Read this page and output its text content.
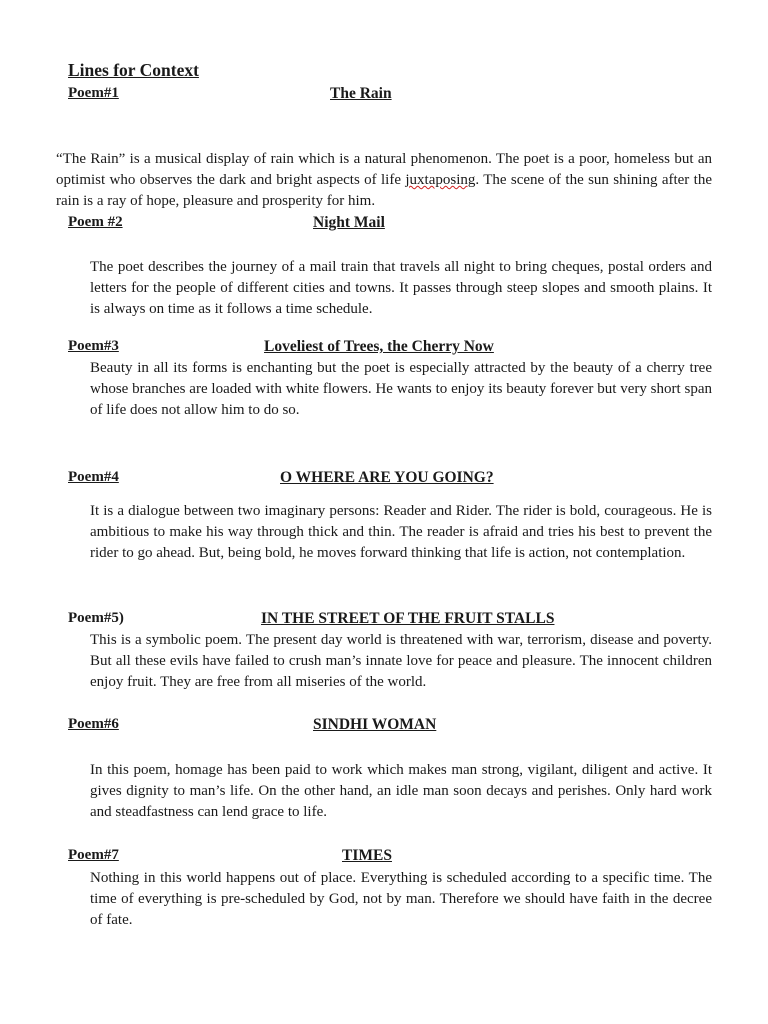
Lines for Context
Poem#1	The Rain

“The Rain” is a musical display of rain which is a natural phenomenon. The poet is a poor, homeless but an optimist who observes the dark and bright aspects of life juxtaposing. The scene of the sun shining after the rain is a ray of hope, pleasure and prosperity for him.

Poem #2	Night Mail

The poet describes the journey of a mail train that travels all night to bring cheques, postal orders and letters for the people of different cities and towns. It passes through steep slopes and smooth plains. It is always on time as it follows a time schedule.

Poem#3	Loveliest of Trees, the Cherry Now

Beauty in all its forms is enchanting but the poet is especially attracted by the beauty of a cherry tree whose branches are loaded with white flowers. He wants to enjoy its beauty forever but very short span of life does not allow him to do so.

Poem#4	O WHERE ARE YOU GOING?

It is a dialogue between two imaginary persons: Reader and Rider. The rider is bold, courageous. He is ambitious to make his way through thick and thin. The reader is afraid and tries his best to prevent the rider to go ahead. But, being bold, he moves forward thinking that life is action, not contemplation.

Poem#5)	IN THE STREET OF THE FRUIT STALLS

This is a symbolic poem. The present day world is threatened with war, terrorism, disease and poverty. But all these evils have failed to crush man’s innate love for peace and pleasure. The innocent children enjoy fruit. They are free from all miseries of the world.

Poem#6	SINDHI WOMAN

In this poem, homage has been paid to work which makes man strong, vigilant, diligent and active. It gives dignity to man’s life. On the other hand, an idle man soon decays and perishes. Only hard work and steadfastness can lend grace to life.

Poem#7	TIMES

Nothing in this world happens out of place. Everything is scheduled according to a specific time. The time of everything is pre-scheduled by God, not by man. Therefore we should have faith in the decree of fate.
